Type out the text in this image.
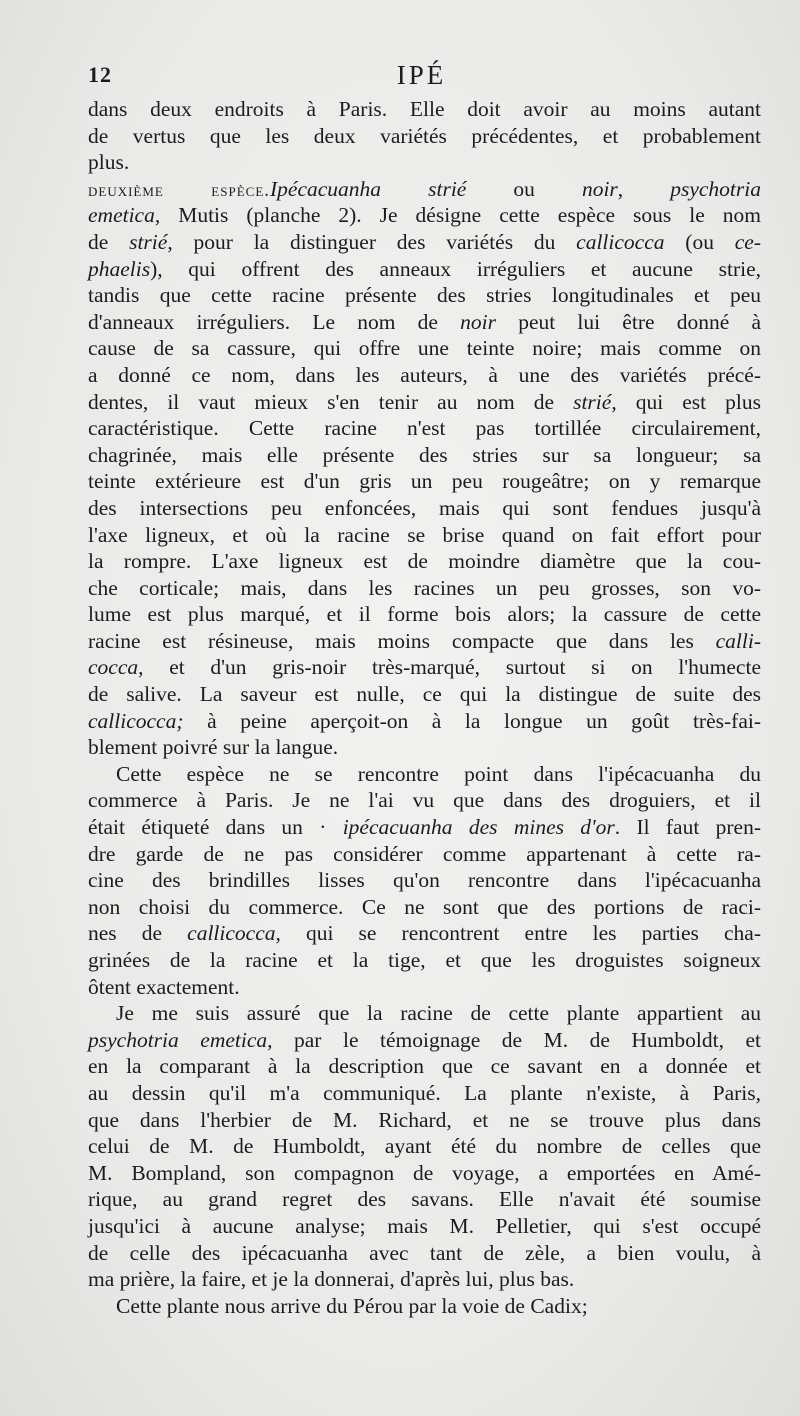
12	IPÉ
dans deux endroits à Paris. Elle doit avoir au moins autant
de vertus que les deux variétés précédentes, et probablement
plus.
deuxième espèce.Ipécacuanha strié ou noir, psychotria
emetica, Mutis (planche 2). Je désigne cette espèce sous le nom
de strié, pour la distinguer des variétés du callicocca (ou ce-
phaelis), qui offrent des anneaux irréguliers et aucune strie,
tandis que cette racine présente des stries longitudinales et peu
d'anneaux irréguliers. Le nom de noir peut lui être donné à
cause de sa cassure, qui offre une teinte noire; mais comme on
a donné ce nom, dans les auteurs, à une des variétés précé-
dentes, il vaut mieux s'en tenir au nom de strié, qui est plus
caractéristique. Cette racine n'est pas tortillée circulairement,
chagrinée, mais elle présente des stries sur sa longueur; sa
teinte extérieure est d'un gris un peu rougeâtre; on y remarque
des intersections peu enfoncées, mais qui sont fendues jusqu'à
l'axe ligneux, et où la racine se brise quand on fait effort pour
la rompre. L'axe ligneux est de moindre diamètre que la cou-
che corticale; mais, dans les racines un peu grosses, son vo-
lume est plus marqué, et il forme bois alors; la cassure de cette
racine est résineuse, mais moins compacte que dans les calli-
cocca, et d'un gris-noir très-marqué, surtout si on l'humecte
de salive. La saveur est nulle, ce qui la distingue de suite des
callicocca; à peine aperçoit-on à la longue un goût très-fai-
blement poivré sur la langue.
Cette espèce ne se rencontre point dans l'ipécacuanha du
commerce à Paris. Je ne l'ai vu que dans des droguiers, et il
était étiqueté dans un · ipécacuanha des mines d'or. Il faut pren-
dre garde de ne pas considérer comme appartenant à cette ra-
cine des brindilles lisses qu'on rencontre dans l'ipécacuanha
non choisi du commerce. Ce ne sont que des portions de raci-
nes de callicocca, qui se rencontrent entre les parties cha-
grinées de la racine et la tige, et que les droguistes soigneux
ôtent exactement.
Je me suis assuré que la racine de cette plante appartient au
psychotria emetica, par le témoignage de M. de Humboldt, et
en la comparant à la description que ce savant en a donnée et
au dessin qu'il m'a communiqué. La plante n'existe, à Paris,
que dans l'herbier de M. Richard, et ne se trouve plus dans
celui de M. de Humboldt, ayant été du nombre de celles que
M. Bompland, son compagnon de voyage, a emportées en Amé-
rique, au grand regret des savans. Elle n'avait été soumise
jusqu'ici à aucune analyse; mais M. Pelletier, qui s'est occupé
de celle des ipécacuanha avec tant de zèle, a bien voulu, à
ma prière, la faire, et je la donnerai, d'après lui, plus bas.
Cette plante nous arrive du Pérou par la voie de Cadix;
